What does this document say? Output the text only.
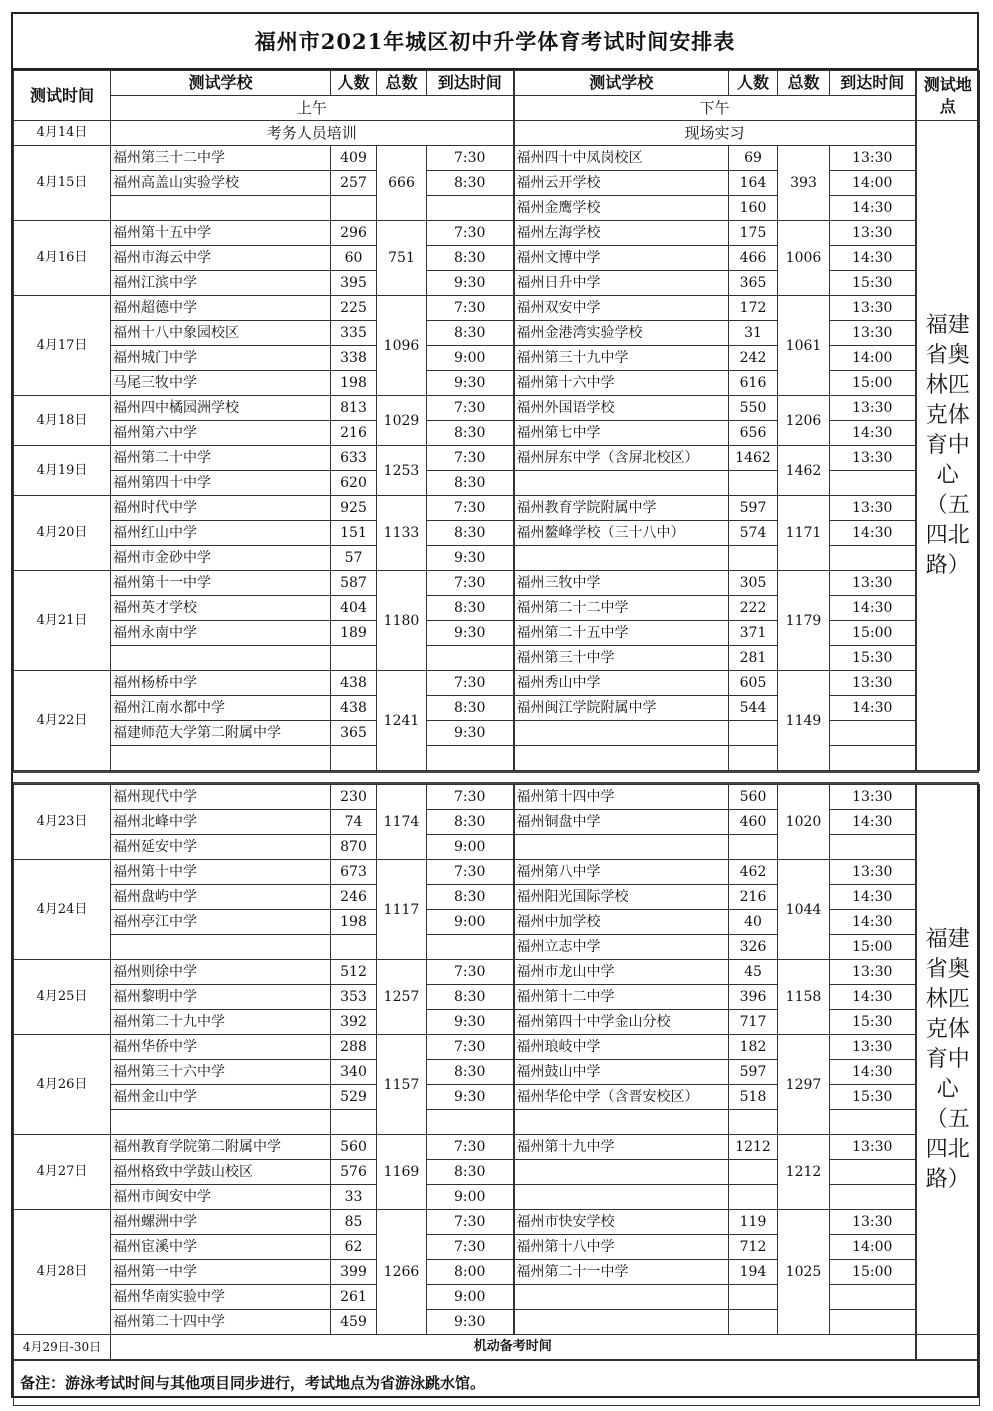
福州市2021年城区初中升学体育考试时间安排表
测试时间	测试学校	人数	总数	到达时间	测试学校	人数	总数	到达时间	测试地点
	上午				下午				
4月14日	考务人员培训				现场实习				福建省奥林匹克体育中心（五四北路）
4月15日	福州第三十二中学	409	666	7:30	福州四十中凤岗校区	69	393	13:30	
	福州高盖山实验学校	257		8:30	福州云开学校	164		14:00	
					福州金鹰学校	160		14:30	
4月16日	福州第十五中学	296	751	7:30	福州左海学校	175	1006	13:30	
	福州市海云中学	60		8:30	福州文博中学	466		14:30	
	福州江滨中学	395		9:30	福州日升中学	365		15:30	
4月17日	福州超德中学	225	1096	7:30	福州双安中学	172	1061	13:30	
	福州十八中象园校区	335		8:30	福州金港湾实验学校	31		13:30	
	福州城门中学	338		9:00	福州第三十九中学	242		14:00	
	马尾三牧中学	198		9:30	福州第十六中学	616		15:00	
4月18日	福州四中橘园洲学校	813	1029	7:30	福州外国语学校	550	1206	13:30	
	福州第六中学	216		8:30	福州第七中学	656		14:30	
4月19日	福州第二十中学	633	1253	7:30	福州屏东中学（含屏北校区）	1462	1462	13:30	
	福州第四十中学	620		8:30					
4月20日	福州时代中学	925	1133	7:30	福州教育学院附属中学	597	1171	13:30	
	福州红山中学	151		8:30	福州鳌峰学校（三十八中）	574		14:30	
	福州市金砂中学	57		9:30					
4月21日	福州第十一中学	587	1180	7:30	福州三牧中学	305	1179	13:30	
	福州英才学校	404		8:30	福州第二十二中学	222		14:30	
	福州永南中学	189		9:30	福州第二十五中学	371		15:00	
					福州第三十中学	281		15:30	
4月22日	福州杨桥中学	438	1241	7:30	福州秀山中学	605	1149	13:30	
	福州江南水都中学	438		8:30	福州闽江学院附属中学	544		14:30	
	福建师范大学第二附属中学	365		9:30					

4月23日	福州现代中学	230	1174	7:30	福州第十四中学	560	1020	13:30	福建省奥林匹克体育中心（五四北路）
	福州北峰中学	74		8:30	福州铜盘中学	460		14:30	
	福州延安中学	870		9:00					
4月24日	福州第十中学	673	1117	7:30	福州第八中学	462	1044	13:30	
	福州盘屿中学	246		8:30	福州阳光国际学校	216		14:30	
	福州亭江中学	198		9:00	福州中加学校	40		14:30	
					福州立志中学	326		15:00	
4月25日	福州则徐中学	512	1257	7:30	福州市龙山中学	45	1158	13:30	
	福州黎明中学	353		8:30	福州第十二中学	396		14:30	
	福州第二十九中学	392		9:30	福州第四十中学金山分校	717		15:30	
4月26日	福州华侨中学	288	1157	7:30	福州琅岐中学	182	1297	13:30	
	福州第三十六中学	340		8:30	福州鼓山中学	597		14:30	
	福州金山中学	529		9:30	福州华伦中学（含晋安校区）	518		15:30	

4月27日	福州教育学院第二附属中学	560	1169	7:30	福州第十九中学	1212	1212	13:30	
	福州格致中学鼓山校区	576		8:30					
	福州市闽安中学	33		9:00					
4月28日	福州螺洲中学	85	1266	7:30	福州市快安学校	119	1025	13:30	
	福州宦溪中学	62		7:30	福州第十八中学	712		14:00	
	福州第一中学	399		8:00	福州第二十一中学	194		15:00	
	福州华南实验中学	261		9:00					
	福州第二十四中学	459		9:30					
4月29日-30日	机动备考时间								
备注：游泳考试时间与其他项目同步进行，考试地点为省游泳跳水馆。									
